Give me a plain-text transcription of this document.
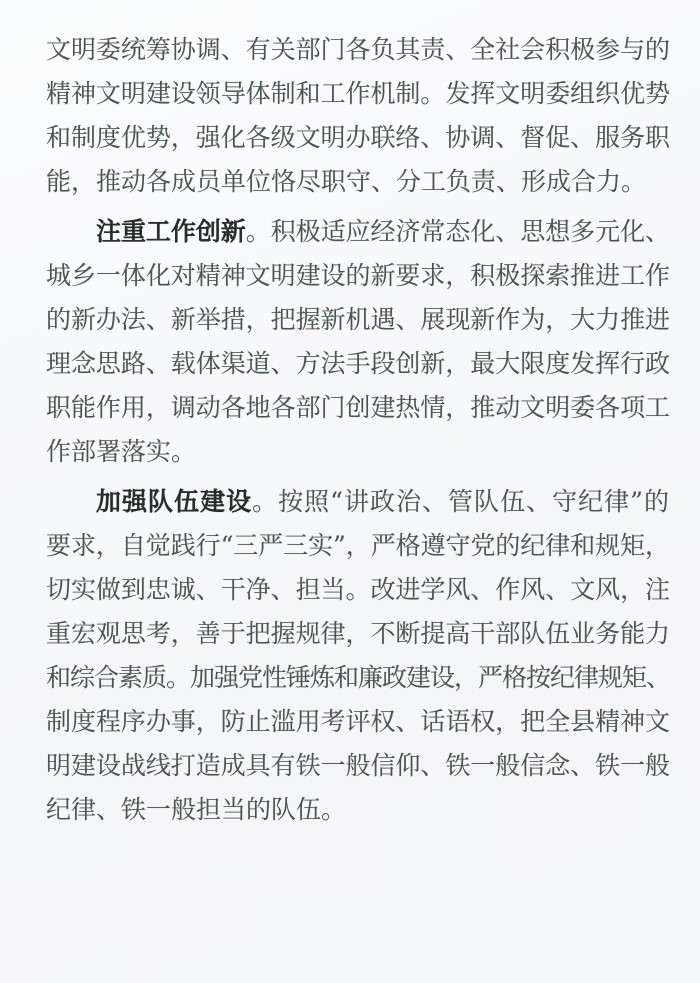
文明委统筹协调、有关部门各负其责、全社会积极参与的
精神文明建设领导体制和工作机制。发挥文明委组织优势
和制度优势，强化各级文明办联络、协调、督促、服务职
能，推动各成员单位恪尽职守、分工负责、形成合力。
注重工作创新。积极适应经济常态化、思想多元化、
城乡一体化对精神文明建设的新要求，积极探索推进工作
的新办法、新举措，把握新机遇、展现新作为，大力推进
理念思路、载体渠道、方法手段创新，最大限度发挥行政
职能作用，调动各地各部门创建热情，推动文明委各项工
作部署落实。
加强队伍建设。按照“讲政治、管队伍、守纪律”的
要求，自觉践行“三严三实”，严格遵守党的纪律和规矩，
切实做到忠诚、干净、担当。改进学风、作风、文风，注
重宏观思考，善于把握规律，不断提高干部队伍业务能力
和综合素质。加强党性锤炼和廉政建设，严格按纪律规矩、
制度程序办事，防止滥用考评权、话语权，把全县精神文
明建设战线打造成具有铁一般信仰、铁一般信念、铁一般
纪律、铁一般担当的队伍。
